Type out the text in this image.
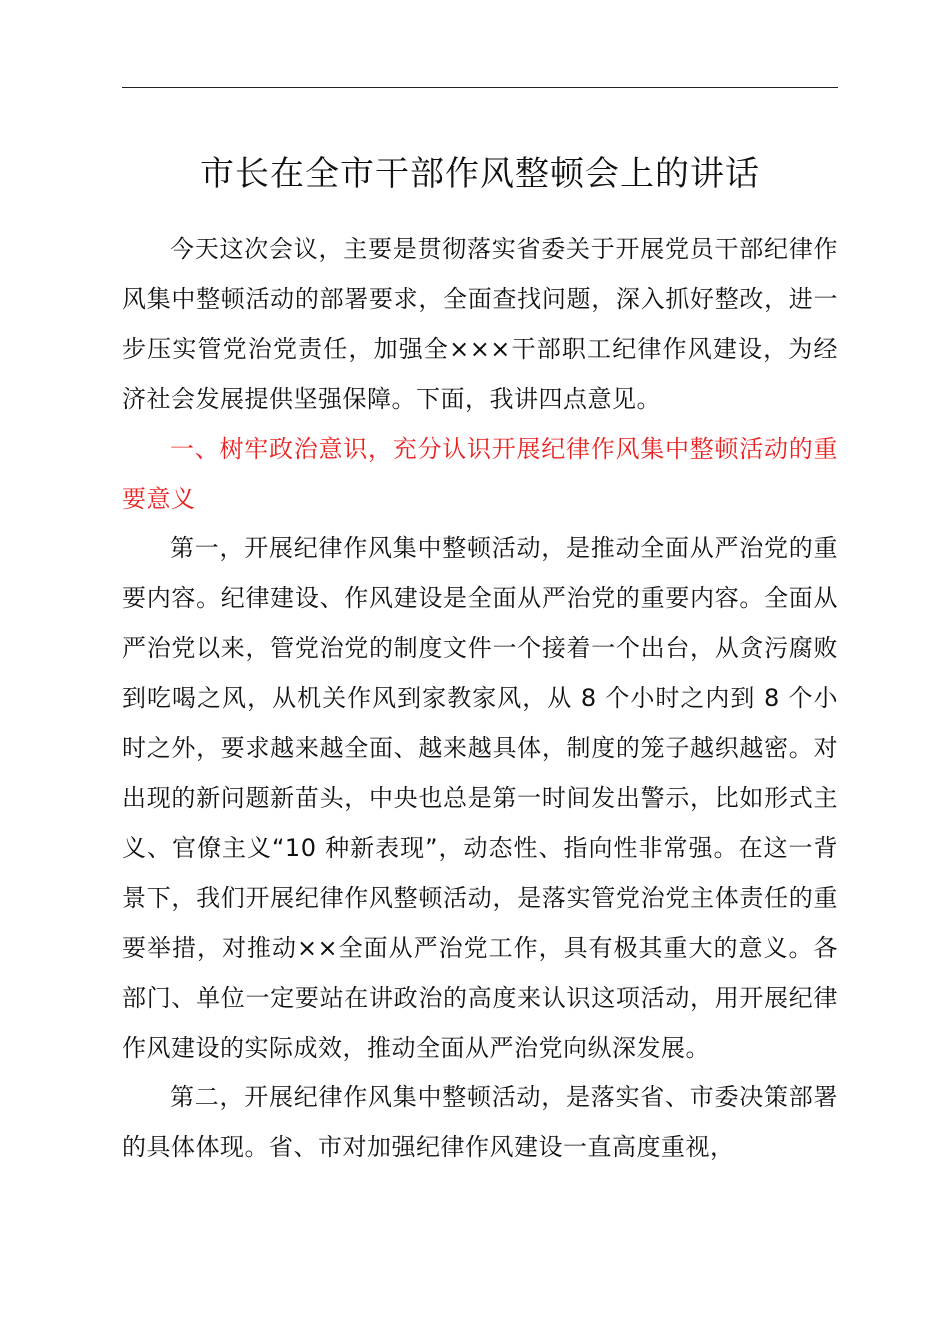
市长在全市干部作风整顿会上的讲话

今天这次会议，主要是贯彻落实省委关于开展党员干部纪律作风集中整顿活动的部署要求，全面查找问题，深入抓好整改，进一步压实管党治党责任，加强全×××干部职工纪律作风建设，为经济社会发展提供坚强保障。下面，我讲四点意见。

一、树牢政治意识，充分认识开展纪律作风集中整顿活动的重要意义

第一，开展纪律作风集中整顿活动，是推动全面从严治党的重要内容。纪律建设、作风建设是全面从严治党的重要内容。全面从严治党以来，管党治党的制度文件一个接着一个出台，从贪污腐败到吃喝之风，从机关作风到家教家风，从 8 个小时之内到 8 个小时之外，要求越来越全面、越来越具体，制度的笼子越织越密。对出现的新问题新苗头，中央也总是第一时间发出警示，比如形式主义、官僚主义“10 种新表现”，动态性、指向性非常强。在这一背景下，我们开展纪律作风整顿活动，是落实管党治党主体责任的重要举措，对推动××全面从严治党工作，具有极其重大的意义。各部门、单位一定要站在讲政治的高度来认识这项活动，用开展纪律作风建设的实际成效，推动全面从严治党向纵深发展。

第二，开展纪律作风集中整顿活动，是落实省、市委决策部署的具体体现。省、市对加强纪律作风建设一直高度重视，
